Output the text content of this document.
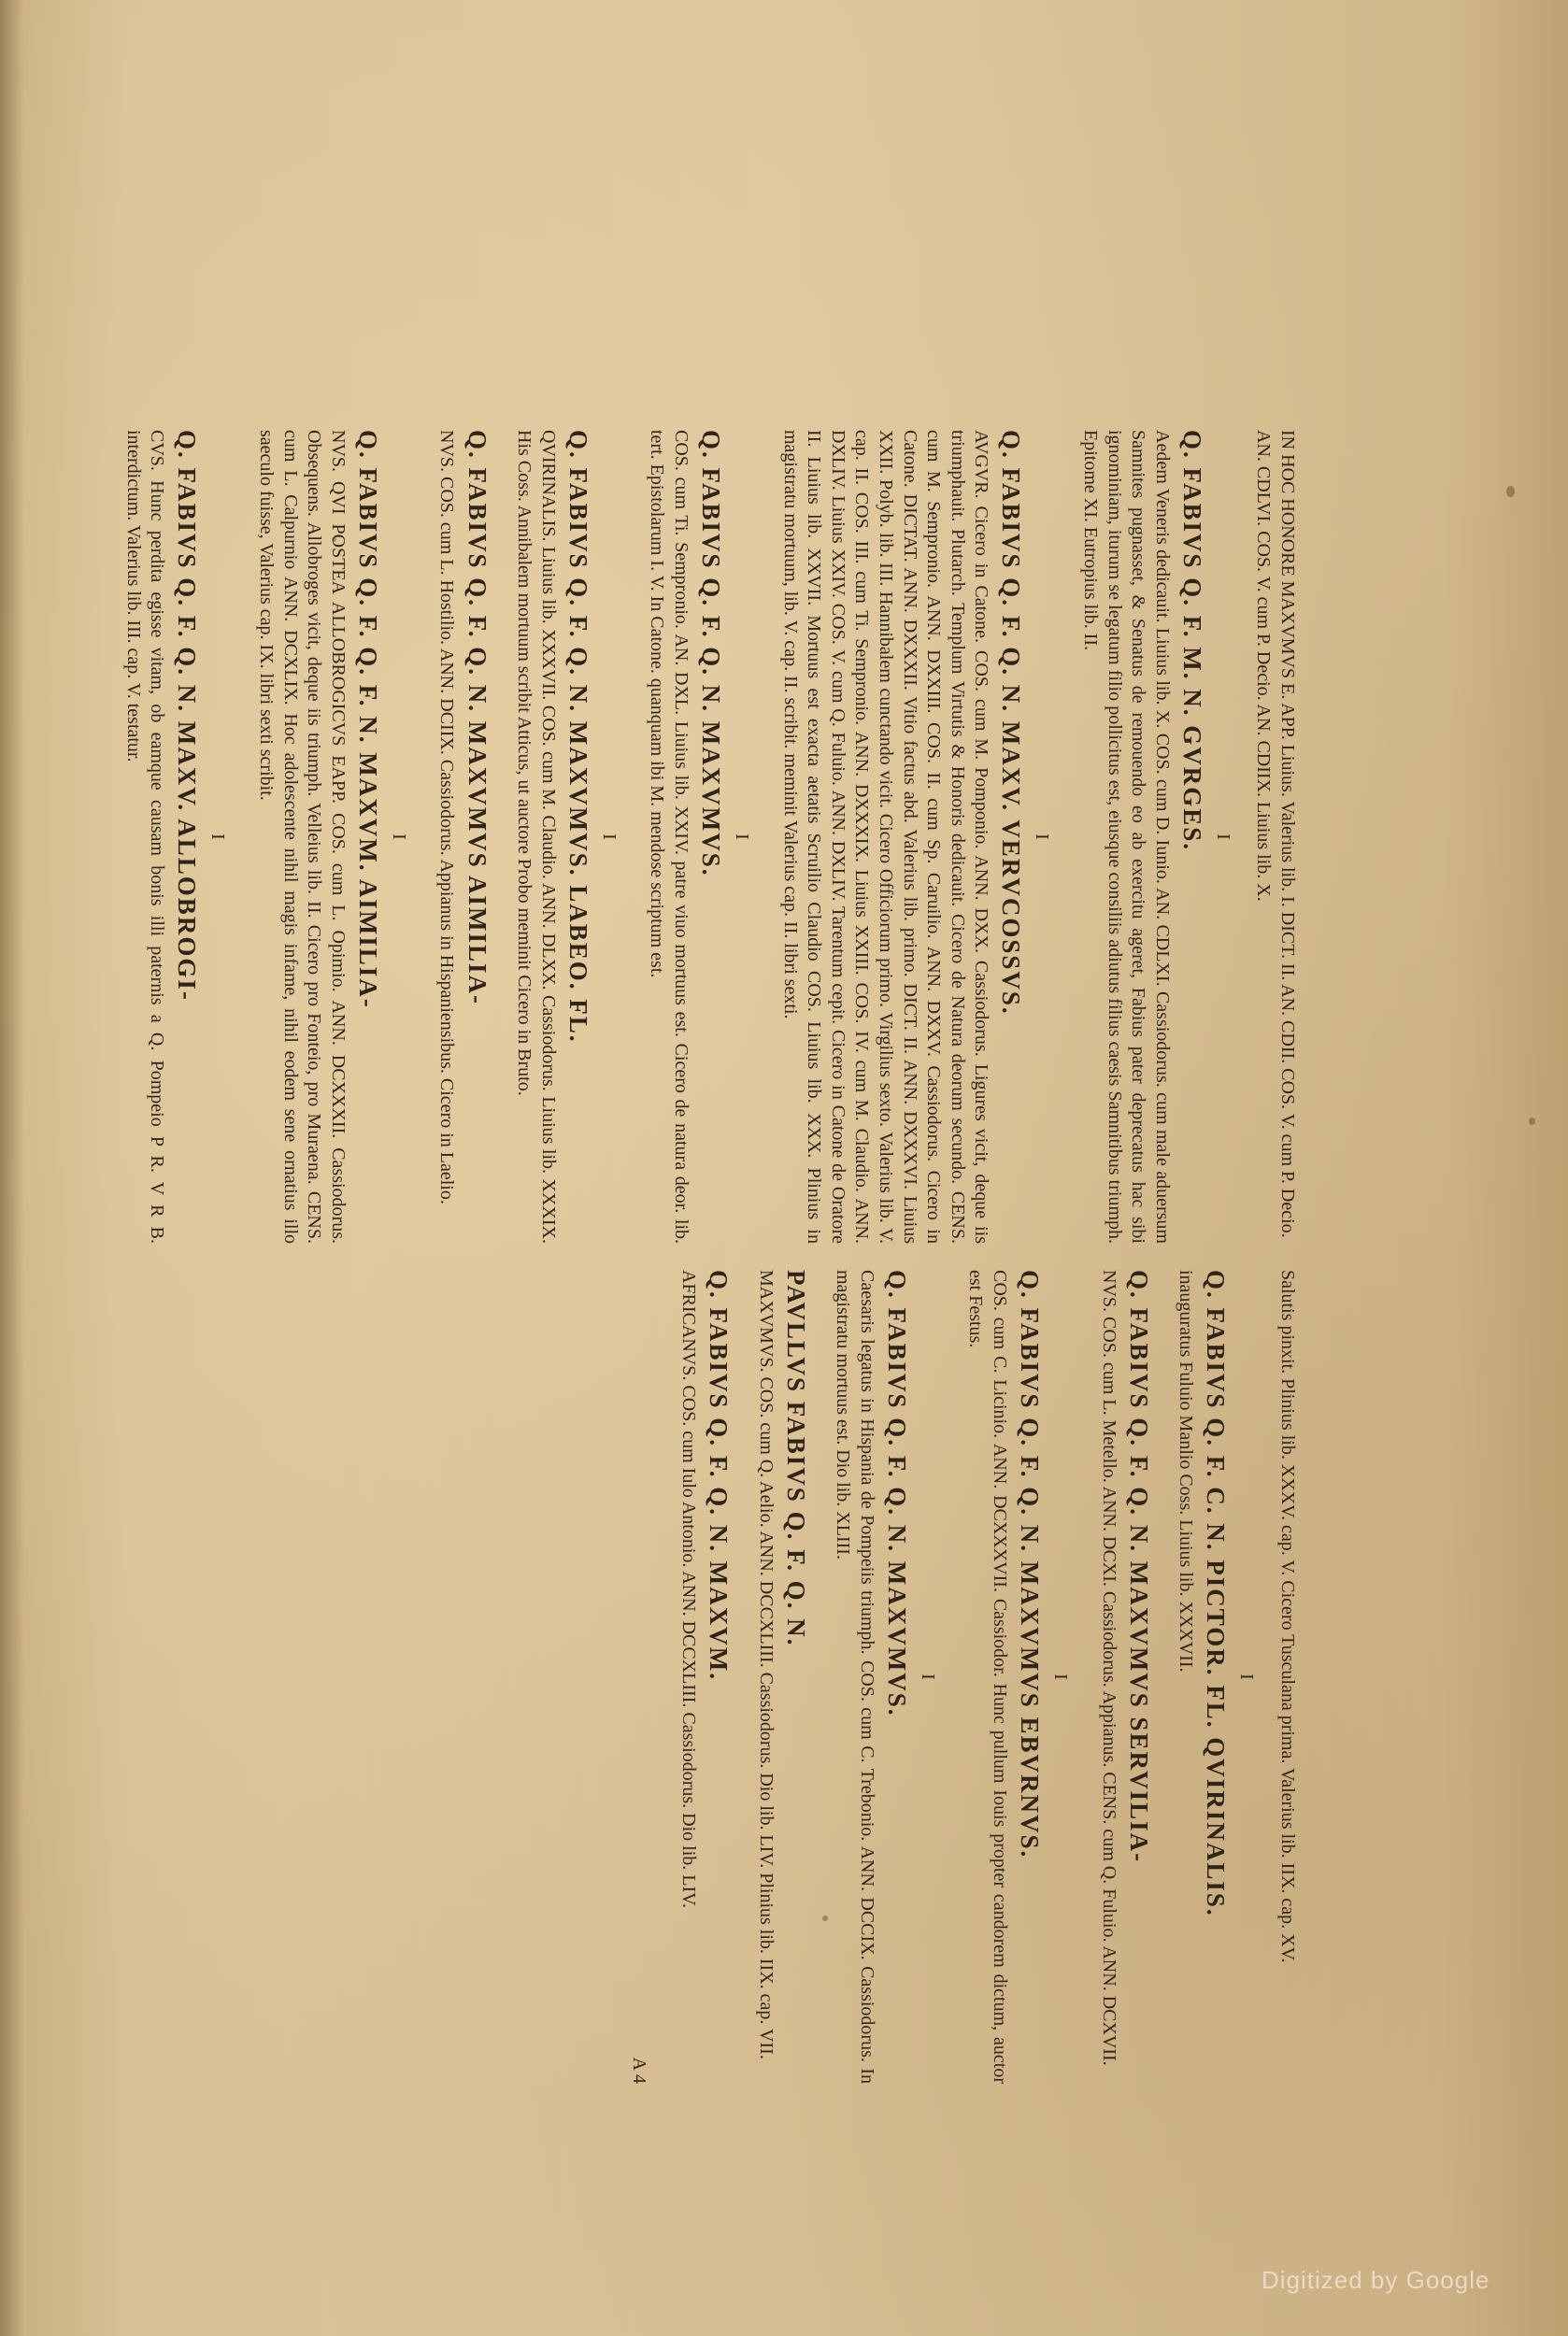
IN HOC HONORE MAXVMVS E. APP. Liuius. Valerius lib. I. DICT. II. AN. CDII. COS. V. cum P. Decio. AN. CDLVI. COS. V. cum P. Decio. AN. CDIIX. Liuius lib. X.
I
Q. FABIVS Q. F. M. N. GVRGES.
Aedem Veneris dedicauit. Liuius lib. X. COS. cum D. Iunio. AN. CDLXI. Cassiodorus. cum male aduersum Samnites pugnasset, & Senatus de remouendo eo ab exercitu ageret, Fabius pater deprecatus hac sibi ignominiam, iturum se legatum filio pollicitus est, eiusque consiliis adiutus filius caesis Samnitibus triumph. Epitome XI. Eutropius lib. II.
I
Q. FABIVS Q. F. Q. N. MAXV. VERVCOSSVS.
AVGVR. Cicero in Catone. COS. cum M. Pomponio. ANN. DXX. Cassiodorus. Ligures vicit, deque iis triumphauit. Plutarch. Templum Virtutis & Honoris dedicauit. Cicero de Natura deorum secundo. CENS. cum M. Sempronio. ANN. DXXIII. COS. II. cum Sp. Caruilio. ANN. DXXV. Cassiodorus. Cicero in Catone. DICTAT. ANN. DXXXII. Vitio factus abd. Valerius lib. primo. DICT. II. ANN. DXXXVI. Liuius XXII. Polyb. lib. III. Hannibalem cunctando vicit. Cicero Officiorum primo. Virgilius sexto. Valerius lib. V. cap. II. COS. III. cum Ti. Sempronio. ANN. DXXXIX. Liuius XXIII. COS. IV. cum M. Claudio. ANN. DXLIV. Liuius XXIV. COS. V. cum Q. Fuluio. ANN. DXLIV. Tarentum cepit. Cicero in Catone de Oratore II. Liuius lib. XXVII. Mortuus est exacta aetatis Scruilio Claudio COS. Liuius lib. XXX. Plinius in magistratu mortuum, lib. V. cap. II. scribit. meminit Valerius cap. II. libri sexti.
I
Q. FABIVS Q. F. Q. N. MAXVMVS.
COS. cum Ti. Sempronio. AN. DXL. Liuius lib. XXIV. patre viuo mortuus est. Cicero de natura deor. lib. tert. Epistolarum I. V. In Catone. quanquam ibi M. mendose scriptum est.
I
Q. FABIVS Q. F. Q. N. MAXVMVS. LABEO. FL.
QVIRINALIS. Liuius lib. XXXVII. COS. cum M. Claudio. ANN. DLXX. Cassiodorus. Liuius lib. XXXIX. His Coss. Annibalem mortuum scribit Atticus, ut auctore Probo meminit Cicero in Bruto.
Q. FABIVS Q. F. Q. N. MAXVMVS AIMILIA-
NVS. COS. cum L. Hostilio. ANN. DCIIX. Cassiodorus. Appianus in Hispaniensibus. Cicero in Laelio.
I
Q. FABIVS Q. F. Q. F. N. MAXVM. AIMILIA-
NVS. QVI POSTEA ALLOBROGICVS EAPP. COS. cum L. Opimio. ANN. DCXXXII. Cassiodorus. Obsequens. Allobroges vicit, deque iis triumph. Velleius lib. II. Cicero pro Fonteio, pro Muraena. CENS. cum L. Calpurnio ANN. DCXLIX. Hoc adolescente nihil magis infame, nihil eodem sene ornatius illo saeculo fuisse, Valerius cap. IX. libri sexti scribit.
I
Q. FABIVS Q. F. Q. N. MAXV. ALLOBROGI-
CVS. Hunc perdita egisse vitam, ob eamque causam bonis illi paternis a Q. Pompeio P R. V R B. interdictum. Valerius lib. III. cap. V. testatur.
Salutis pinxit. Plinius lib. XXXV. cap. V. Cicero Tusculana prima. Valerius lib. IIX. cap. XV.
I
Q. FABIVS Q. F. C. N. PICTOR. FL. QVIRINALIS.
inauguratus Fuluio Manlio Coss. Liuius lib. XXXVII.
Q. FABIVS Q. F. Q. N. MAXVMVS SERVILIA-
NVS. COS. cum L. Metello. ANN. DCXI. Cassiodorus. Appianus. CENS. cum Q. Fuluio. ANN. DCXVII.
I
Q. FABIVS Q. F. Q. N. MAXVMVS EBVRNVS.
COS. cum C. Licinio. ANN. DCXXXVII. Cassiodor. Hunc pullum Iouis propter candorem dictum, auctor est Festus.
I
Q. FABIVS Q. F. Q. N. MAXVMVS.
Caesaris legatus in Hispania de Pompeiis triumph. COS. cum C. Trebonio. ANN. DCCIX. Cassiodorus. In magistratu mortuus est. Dio lib. XLIII.
PAVLLVS FABIVS Q. F. Q. N.
MAXVMVS. COS. cum Q. Aelio. ANN. DCCXLIII. Cassiodorus. Dio lib. LIV. Plinius lib. IIX. cap. VII.
Q. FABIVS Q. F. Q. N. MAXVM.
AFRICANVS. COS. cum Iulo Antonio. ANN. DCCXLIII. Cassiodorus. Dio lib. LIV.
A 4
Digitized by Google
